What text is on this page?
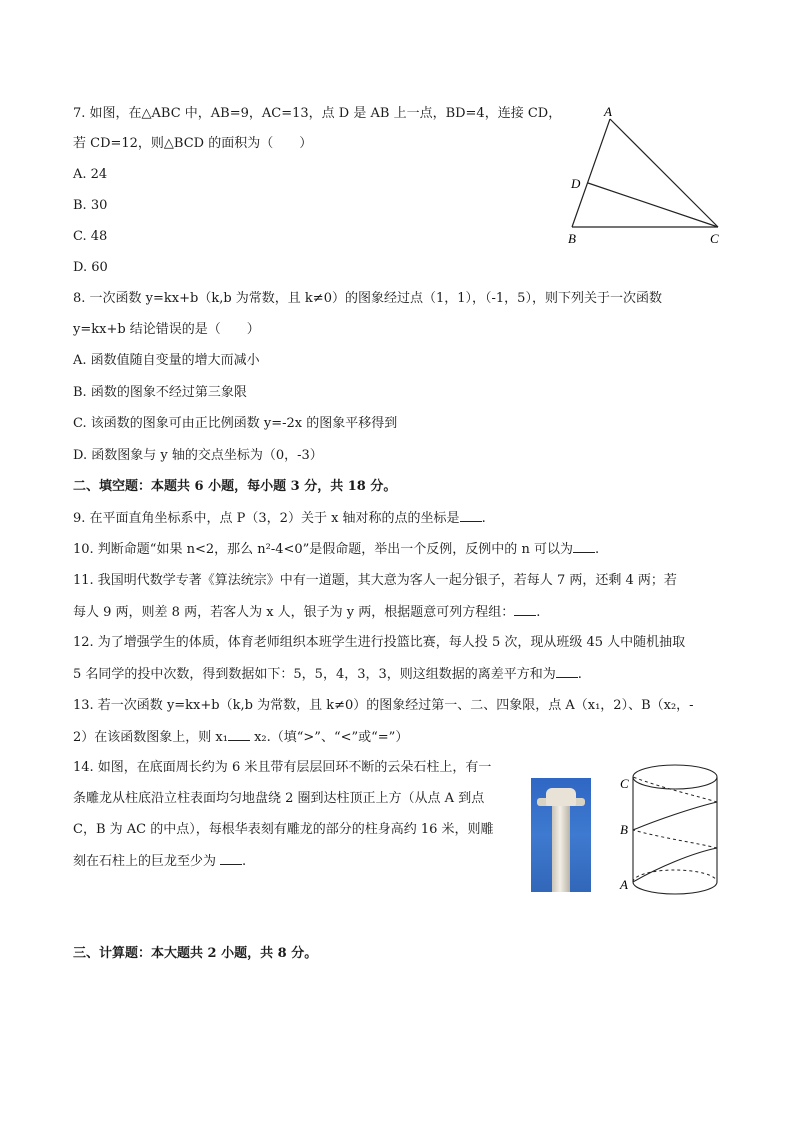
7. 如图，在△ABC 中，AB=9，AC=13，点 D 是 AB 上一点，BD=4，连接 CD，
若 CD=12，则△BCD 的面积为（　　）
A. 24
B. 30
C. 48
D. 60
A
D
B	C
8. 一次函数 y=kx+b（k,b 为常数，且 k≠0）的图象经过点（1，1），（-1，5），则下列关于一次函数
y=kx+b 结论错误的是（　　）
A. 函数值随自变量的增大而减小
B. 函数的图象不经过第三象限
C. 该函数的图象可由正比例函数 y=-2x 的图象平移得到
D. 函数图象与 y 轴的交点坐标为（0，-3）
二、填空题：本题共 6 小题，每小题 3 分，共 18 分。
9. 在平面直角坐标系中，点 P（3，2）关于 x 轴对称的点的坐标是 .
10. 判断命题“如果 n<2，那么 n²-4<0”是假命题，举出一个反例，反例中的 n 可以为 .
11. 我国明代数学专著《算法统宗》中有一道题，其大意为客人一起分银子，若每人 7 两，还剩 4 两；若
每人 9 两，则差 8 两，若客人为 x 人，银子为 y 两，根据题意可列方程组： .
12. 为了增强学生的体质，体育老师组织本班学生进行投篮比赛，每人投 5 次，现从班级 45 人中随机抽取
5 名同学的投中次数，得到数据如下：5，5，4，3，3，则这组数据的离差平方和为 .
13. 若一次函数 y=kx+b（k,b 为常数，且 k≠0）的图象经过第一、二、四象限，点 A（x₁，2）、B（x₂，-
2）在该函数图象上，则 x₁ x₂.（填“>”、“<”或“=”）
14. 如图，在底面周长约为 6 米且带有层层回环不断的云朵石柱上，有一
条雕龙从柱底沿立柱表面均匀地盘绕 2 圈到达柱顶正上方（从点 A 到点
C，B 为 AC 的中点），每根华表刻有雕龙的部分的柱身高约 16 米，则雕
刻在石柱上的巨龙至少为 .
C
B
A
三、计算题：本大题共 2 小题，共 8 分。
